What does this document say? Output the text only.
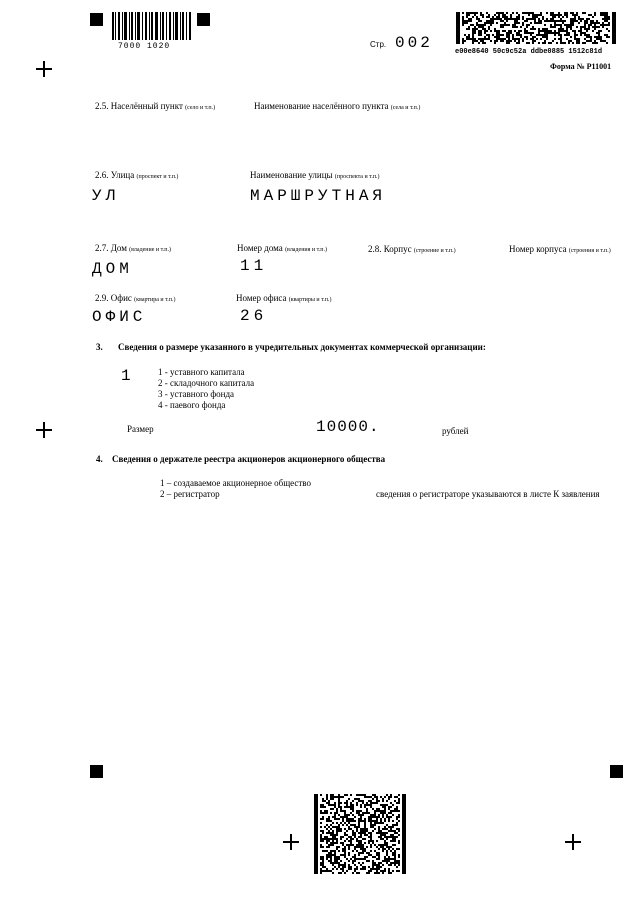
7000 1020	Стр. 002	e00e8640 50c9c52a ddbe0885 1512c81d
Форма № Р11001
2.5. Населённый пункт (село и т.п.)	Наименование населённого пункта (села и т.п.)
2.6. Улица (проспект и т.п.)	Наименование улицы (проспекта и т.п.)
УЛ	МАРШРУТНАЯ
2.7. Дом (владение и т.п.)	Номер дома (владения и т.п.)	2.8. Корпус (строение и т.п.)	Номер корпуса (строения и т.п.)
ДОМ	11
2.9. Офис (квартира и т.п.)	Номер офиса (квартиры и т.п.)
ОФИС	26
3. Сведения о размере указанного в учредительных документах коммерческой организации:
1	1 - уставного капитала
2 - складочного капитала
3 - уставного фонда
4 - паевого фонда
Размер	10000.	рублей
4. Сведения о держателе реестра акционеров акционерного общества
1 – создаваемое акционерное общество
2 – регистратор	сведения о регистраторе указываются в листе К заявления
